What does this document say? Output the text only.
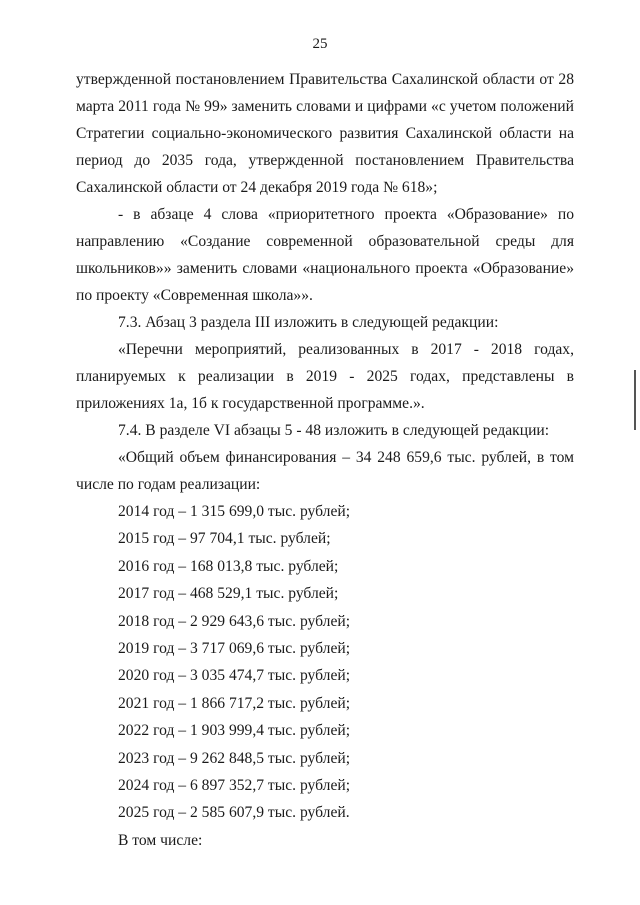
25

утвержденной постановлением Правительства Сахалинской области от 28 марта 2011 года № 99» заменить словами и цифрами «с учетом положений Стратегии социально-экономического развития Сахалинской области на период до 2035 года, утвержденной постановлением Правительства Сахалинской области от 24 декабря 2019 года № 618»;

- в абзаце 4 слова «приоритетного проекта «Образование» по направлению «Создание современной образовательной среды для школьников»» заменить словами «национального проекта «Образование» по проекту «Современная школа»».

7.3. Абзац 3 раздела III изложить в следующей редакции:

«Перечни мероприятий, реализованных в 2017 - 2018 годах, планируемых к реализации в 2019 - 2025 годах, представлены в приложениях 1а, 1б к государственной программе.».

7.4. В разделе VI абзацы 5 - 48 изложить в следующей редакции:

«Общий объем финансирования – 34 248 659,6 тыс. рублей, в том числе по годам реализации:

2014 год – 1 315 699,0 тыс. рублей;
2015 год – 97 704,1 тыс. рублей;
2016 год – 168 013,8 тыс. рублей;
2017 год – 468 529,1 тыс. рублей;
2018 год – 2 929 643,6 тыс. рублей;
2019 год – 3 717 069,6 тыс. рублей;
2020 год – 3 035 474,7 тыс. рублей;
2021 год – 1 866 717,2 тыс. рублей;
2022 год – 1 903 999,4 тыс. рублей;
2023 год – 9 262 848,5 тыс. рублей;
2024 год – 6 897 352,7 тыс. рублей;
2025 год – 2 585 607,9 тыс. рублей.

В том числе:
